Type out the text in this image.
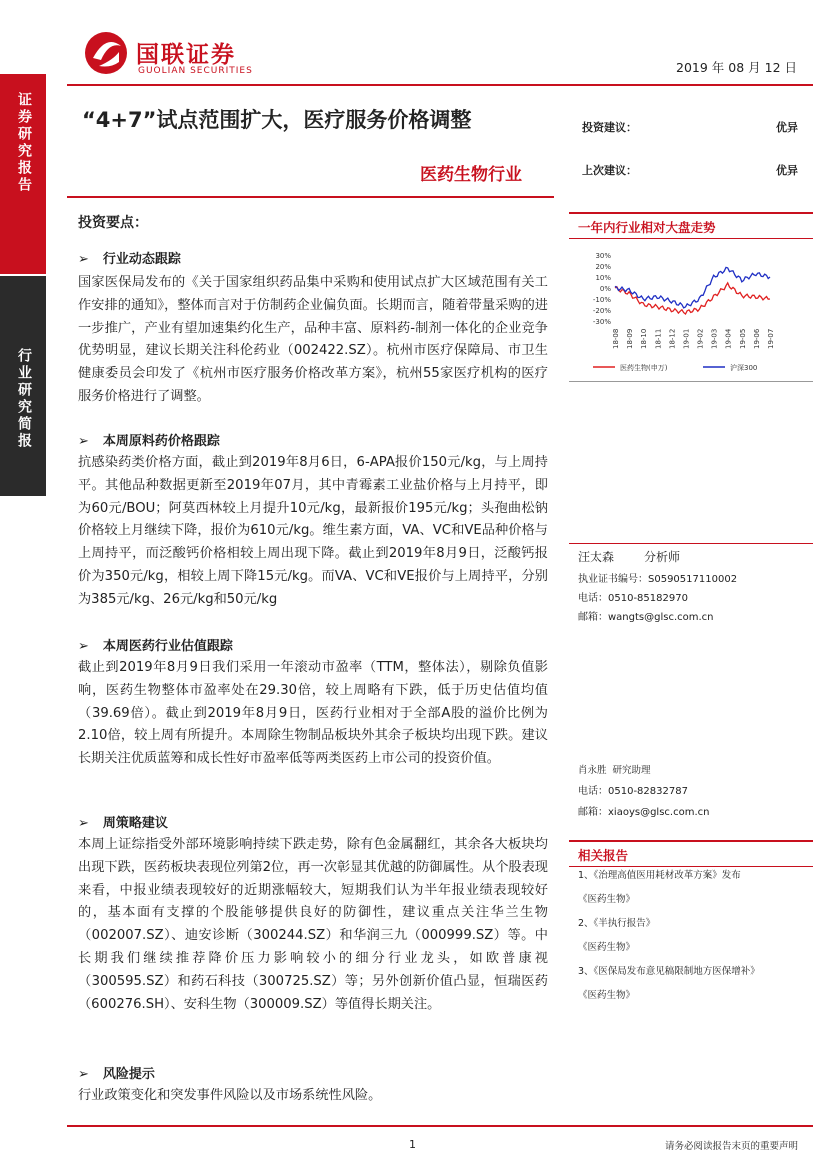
证券研究报告
行业研究简报
国联证券
GUOLIAN SECURITIES	2019 年 08 月 12 日
“4+7”试点范围扩大，医疗服务价格调整
医药生物行业
投资建议：	优异
上次建议：	优异
投资要点：
➢ 行业动态跟踪
国家医保局发布的《关于国家组织药品集中采购和使用试点扩大区域范围有关工作安排的通知》，整体而言对于仿制药企业偏负面。长期而言，随着带量采购的进一步推广，产业有望加速集约化生产，品种丰富、原料药-制剂一体化的企业竞争优势明显，建议长期关注科伦药业（002422.SZ）。杭州市医疗保障局、市卫生健康委员会印发了《杭州市医疗服务价格改革方案》，杭州55家医疗机构的医疗服务价格进行了调整。
➢ 本周原料药价格跟踪
抗感染药类价格方面，截止到2019年8月6日，6-APA报价150元/kg，与上周持平。其他品种数据更新至2019年07月，其中青霉素工业盐价格与上月持平，即为60元/BOU；阿莫西林较上月提升10元/kg，最新报价195元/kg；头孢曲松钠价格较上月继续下降，报价为610元/kg。维生素方面，VA、VC和VE品种价格与上周持平，而泛酸钙价格相较上周出现下降。截止到2019年8月9日，泛酸钙报价为350元/kg，相较上周下降15元/kg。而VA、VC和VE报价与上周持平，分别为385元/kg、26元/kg和50元/kg
➢ 本周医药行业估值跟踪
截止到2019年8月9日我们采用一年滚动市盈率（TTM，整体法），剔除负值影响，医药生物整体市盈率处在29.30倍，较上周略有下跌，低于历史估值均值（39.69倍）。截止到2019年8月9日，医药行业相对于全部A股的溢价比例为2.10倍，较上周有所提升。本周除生物制品板块外其余子板块均出现下跌。建议长期关注优质蓝筹和成长性好市盈率低等两类医药上市公司的投资价值。
➢ 周策略建议
本周上证综指受外部环境影响持续下跌走势，除有色金属翻红，其余各大板块均出现下跌，医药板块表现位列第2位，再一次彰显其优越的防御属性。从个股表现来看，中报业绩表现较好的近期涨幅较大，短期我们认为半年报业绩表现较好的，基本面有支撑的个股能够提供良好的防御性，建议重点关注华兰生物（002007.SZ）、迪安诊断（300244.SZ）和华润三九（000999.SZ）等。中长期我们继续推荐降价压力影响较小的细分行业龙头，如欧普康视（300595.SZ）和药石科技（300725.SZ）等；另外创新价值凸显，恒瑞医药（600276.SH）、安科生物（300009.SZ）等值得长期关注。
➢ 风险提示
行业政策变化和突发事件风险以及市场系统性风险。
一年内行业相对大盘走势
30%
20%
10%
0%
-10%
-20%
-30%
18-08 18-09 18-10 18-11 18-12 19-01 19-02 19-03 19-04 19-05 19-06 19-07
医药生物(申万)	沪深300
汪太森	分析师
执业证书编号：S0590517110002
电话：0510-85182970
邮箱：wangts@glsc.com.cn
肖永胜 研究助理
电话：0510-82832787
邮箱：xiaoys@glsc.com.cn
相关报告
1、《治理高值医用耗材改革方案》发布
《医药生物》
2、《半执行报告》
《医药生物》
3、《医保局发布意见稿限制地方医保增补》
《医药生物》
1	请务必阅读报告末页的重要声明
